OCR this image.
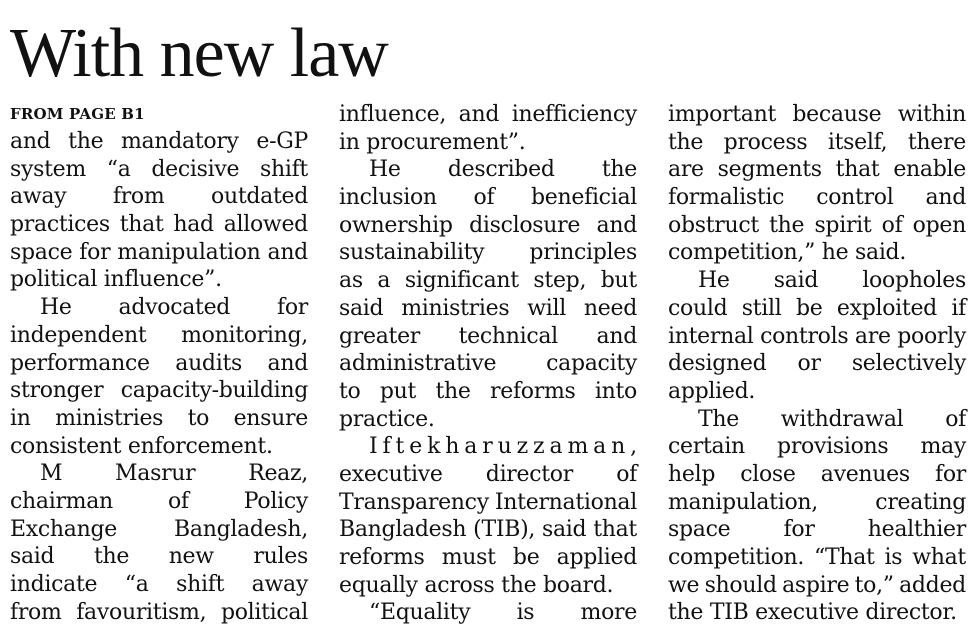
With new law
FROM PAGE B1
and the mandatory e-GP
system “a decisive shift
away from outdated
practices that had allowed
space for manipulation and
political influence”.
He advocated for
independent monitoring,
performance audits and
stronger capacity-building
in ministries to ensure
consistent enforcement.
M Masrur Reaz,
chairman	of	Policy
Exchange	Bangladesh,
said the new rules
indicate “a shift away
from favouritism, political
influence, and inefficiency
in procurement”.
He described the
inclusion of beneficial
ownership disclosure and
sustainability principles
as a significant step, but
said ministries will need
greater technical and
administrative capacity
to put the reforms into
practice.
I f t e k h a r u z z a m a n ,
executive director of
Transparency International
Bangladesh (TIB), said that
reforms must be applied
equally across the board.
“Equality is more
important because within
the process itself, there
are segments that enable
formalistic control and
obstruct the spirit of open
competition,” he said.
He said loopholes
could still be exploited if
internal controls are poorly
designed or selectively
applied.
The withdrawal of
certain provisions may
help close avenues for
manipulation,	creating
space for healthier
competition. “That is what
we should aspire to,” added
the TIB executive director.
